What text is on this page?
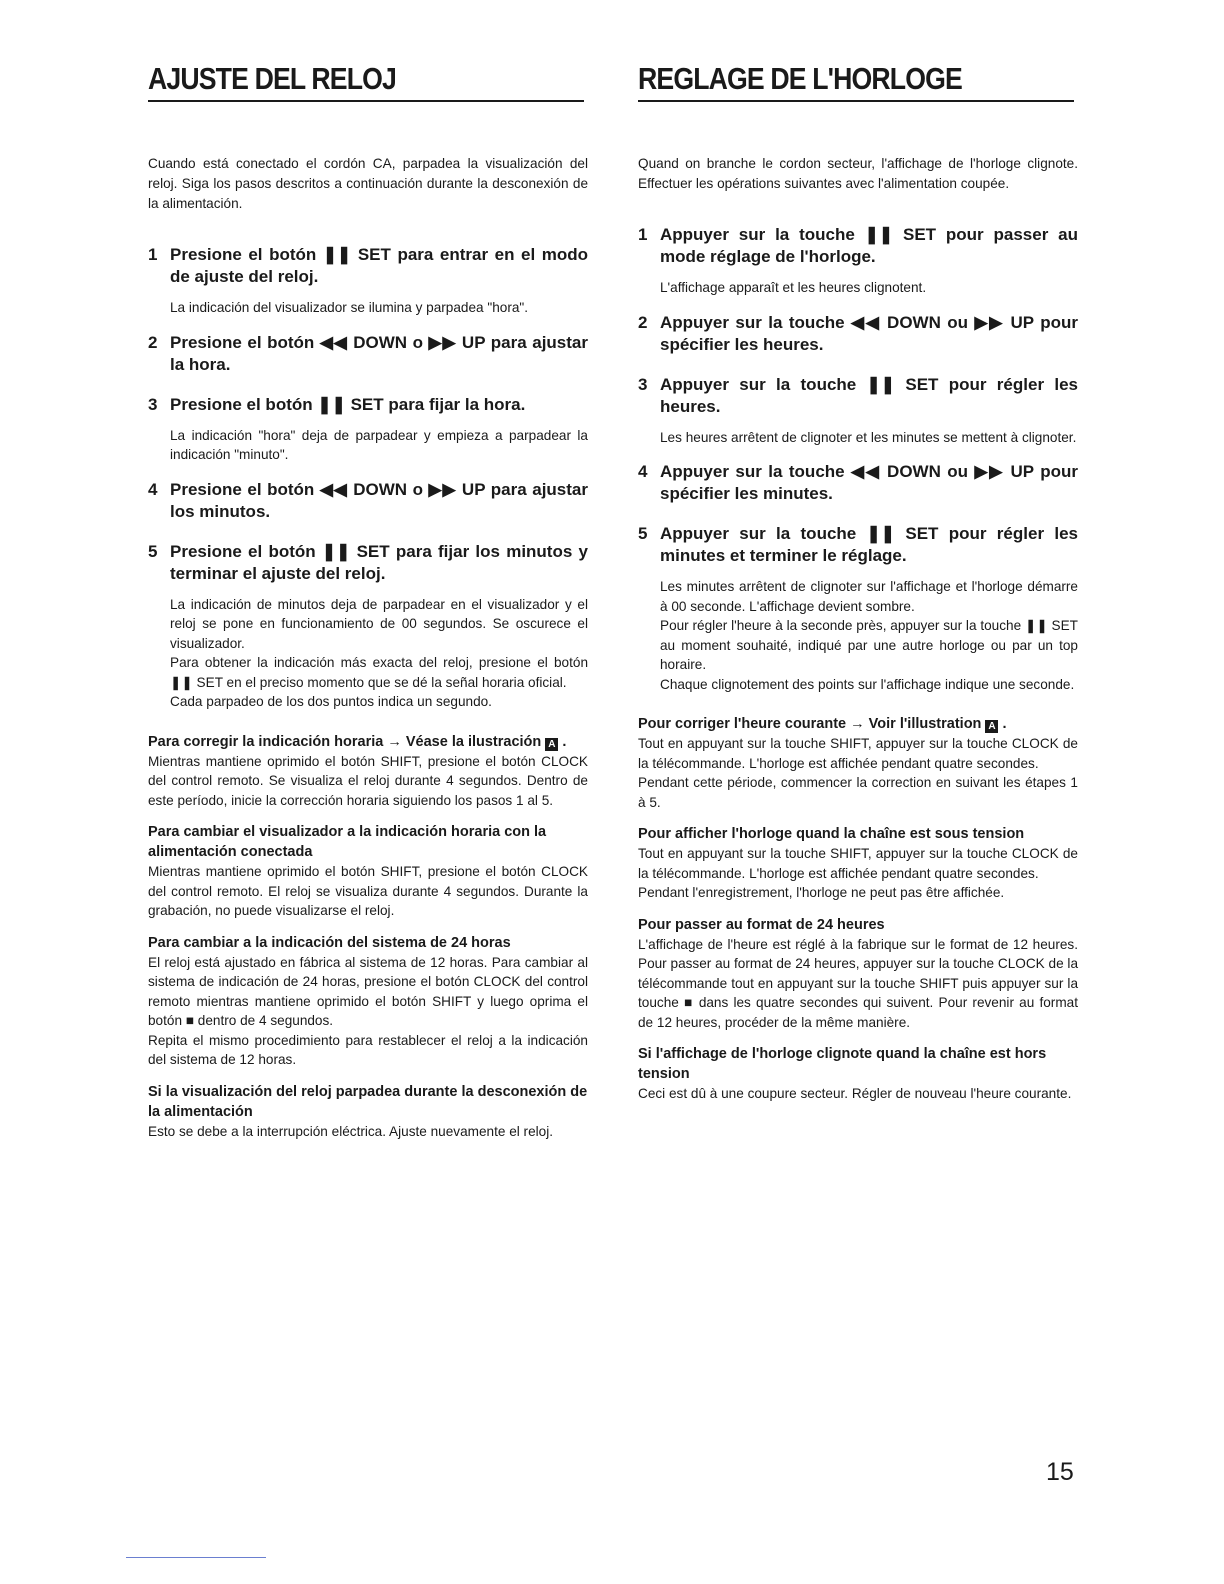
AJUSTE DEL RELOJ

Cuando está conectado el cordón CA, parpadea la visualización del reloj. Siga los pasos descritos a continuación durante la desconexión de la alimentación.

1 Presione el botón ❚❚ SET para entrar en el modo de ajuste del reloj.

La indicación del visualizador se ilumina y parpadea "hora".

2 Presione el botón ◀◀ DOWN o ▶▶ UP para ajustar la hora.
3 Presione el botón ❚❚ SET para fijar la hora.

La indicación "hora" deja de parpadear y empieza a parpadear la indicación "minuto".

4 Presione el botón ◀◀ DOWN o ▶▶ UP para ajustar los minutos.
5 Presione el botón ❚❚ SET para fijar los minutos y terminar el ajuste del reloj.

La indicación de minutos deja de parpadear en el visualizador y el reloj se pone en funcionamiento de 00 segundos. Se oscurece el visualizador.

Para obtener la indicación más exacta del reloj, presione el botón ❚❚ SET en el preciso momento que se dé la señal horaria oficial.

Cada parpadeo de los dos puntos indica un segundo.

Para corregir la indicación horaria → Véase la ilustración A .

Mientras mantiene oprimido el botón SHIFT, presione el botón CLOCK del control remoto. Se visualiza el reloj durante 4 segundos. Dentro de este período, inicie la corrección horaria siguiendo los pasos 1 al 5.

Para cambiar el visualizador a la indicación horaria con la alimentación conectada

Mientras mantiene oprimido el botón SHIFT, presione el botón CLOCK del control remoto. El reloj se visualiza durante 4 segundos. Durante la grabación, no puede visualizarse el reloj.

Para cambiar a la indicación del sistema de 24 horas

El reloj está ajustado en fábrica al sistema de 12 horas. Para cambiar al sistema de indicación de 24 horas, presione el botón CLOCK del control remoto mientras mantiene oprimido el botón SHIFT y luego oprima el botón ■ dentro de 4 segundos.

Repita el mismo procedimiento para restablecer el reloj a la indicación del sistema de 12 horas.

Si la visualización del reloj parpadea durante la desconexión de la alimentación

Esto se debe a la interrupción eléctrica. Ajuste nuevamente el reloj.

REGLAGE DE L'HORLOGE

Quand on branche le cordon secteur, l'affichage de l'horloge clignote. Effectuer les opérations suivantes avec l'alimentation coupée.

1 Appuyer sur la touche ❚❚ SET pour passer au mode réglage de l'horloge.

L'affichage apparaît et les heures clignotent.

2 Appuyer sur la touche ◀◀ DOWN ou ▶▶ UP pour spécifier les heures.
3 Appuyer sur la touche ❚❚ SET pour régler les heures.

Les heures arrêtent de clignoter et les minutes se mettent à clignoter.

4 Appuyer sur la touche ◀◀ DOWN ou ▶▶ UP pour spécifier les minutes.
5 Appuyer sur la touche ❚❚ SET pour régler les minutes et terminer le réglage.

Les minutes arrêtent de clignoter sur l'affichage et l'horloge démarre à 00 seconde. L'affichage devient sombre.

Pour régler l'heure à la seconde près, appuyer sur la touche ❚❚ SET au moment souhaité, indiqué par une autre horloge ou par un top horaire.

Chaque clignotement des points sur l'affichage indique une seconde.

Pour corriger l'heure courante → Voir l'illustration A .

Tout en appuyant sur la touche SHIFT, appuyer sur la touche CLOCK de la télécommande. L'horloge est affichée pendant quatre secondes.

Pendant cette période, commencer la correction en suivant les étapes 1 à 5.

Pour afficher l'horloge quand la chaîne est sous tension

Tout en appuyant sur la touche SHIFT, appuyer sur la touche CLOCK de la télécommande. L'horloge est affichée pendant quatre secondes.

Pendant l'enregistrement, l'horloge ne peut pas être affichée.

Pour passer au format de 24 heures

L'affichage de l'heure est réglé à la fabrique sur le format de 12 heures. Pour passer au format de 24 heures, appuyer sur la touche CLOCK de la télécommande tout en appuyant sur la touche SHIFT puis appuyer sur la touche ■ dans les quatre secondes qui suivent. Pour revenir au format de 12 heures, procéder de la même manière.

Si l'affichage de l'horloge clignote quand la chaîne est hors tension

Ceci est dû à une coupure secteur. Régler de nouveau l'heure courante.

15
